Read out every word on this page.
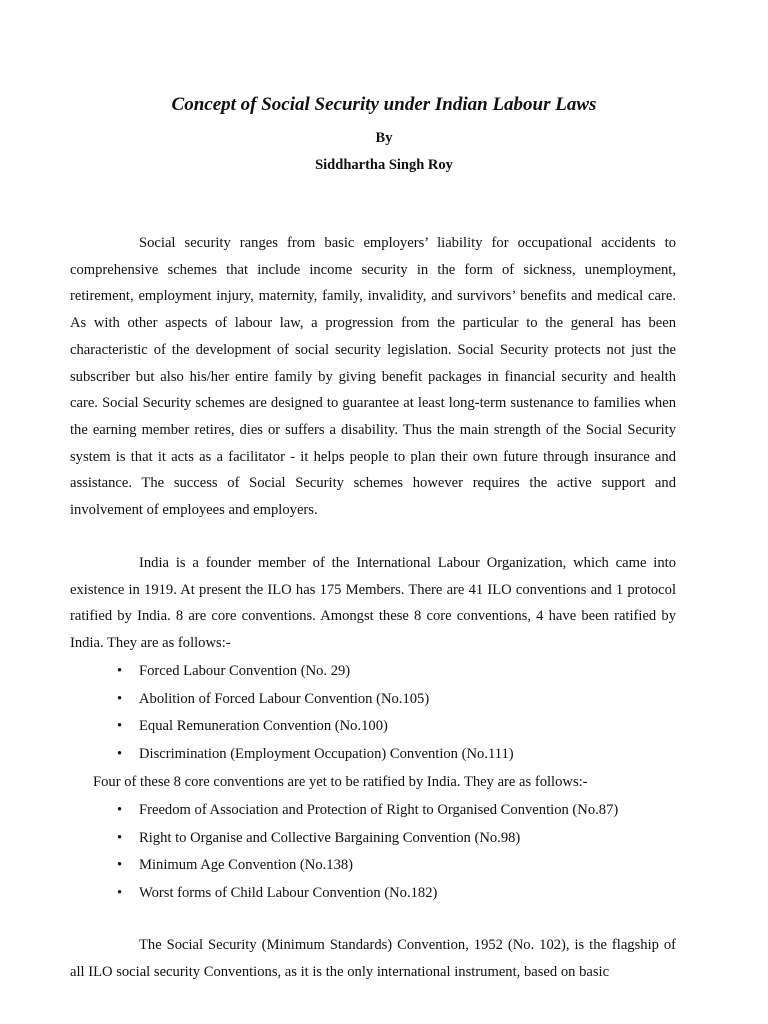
Concept of Social Security under Indian Labour Laws
By
Siddhartha Singh Roy

Social security ranges from basic employers’ liability for occupational accidents to comprehensive schemes that include income security in the form of sickness, unemployment, retirement, employment injury, maternity, family, invalidity, and survivors’ benefits and medical care. As with other aspects of labour law, a progression from the particular to the general has been characteristic of the development of social security legislation. Social Security protects not just the subscriber but also his/her entire family by giving benefit packages in financial security and health care. Social Security schemes are designed to guarantee at least long-term sustenance to families when the earning member retires, dies or suffers a disability. Thus the main strength of the Social Security system is that it acts as a facilitator - it helps people to plan their own future through insurance and assistance. The success of Social Security schemes however requires the active support and involvement of employees and employers.

India is a founder member of the International Labour Organization, which came into existence in 1919. At present the ILO has 175 Members. There are 41 ILO conventions and 1 protocol ratified by India. 8 are core conventions. Amongst these 8 core conventions, 4 have been ratified by India. They are as follows:-

• Forced Labour Convention (No. 29)
• Abolition of Forced Labour Convention (No.105)
• Equal Remuneration Convention (No.100)
• Discrimination (Employment Occupation) Convention (No.111)
Four of these 8 core conventions are yet to be ratified by India. They are as follows:-
• Freedom of Association and Protection of Right to Organised Convention (No.87)
• Right to Organise and Collective Bargaining Convention (No.98)
• Minimum Age Convention (No.138)
• Worst forms of Child Labour Convention (No.182)

The Social Security (Minimum Standards) Convention, 1952 (No. 102), is the flagship of all ILO social security Conventions, as it is the only international instrument, based on basic
